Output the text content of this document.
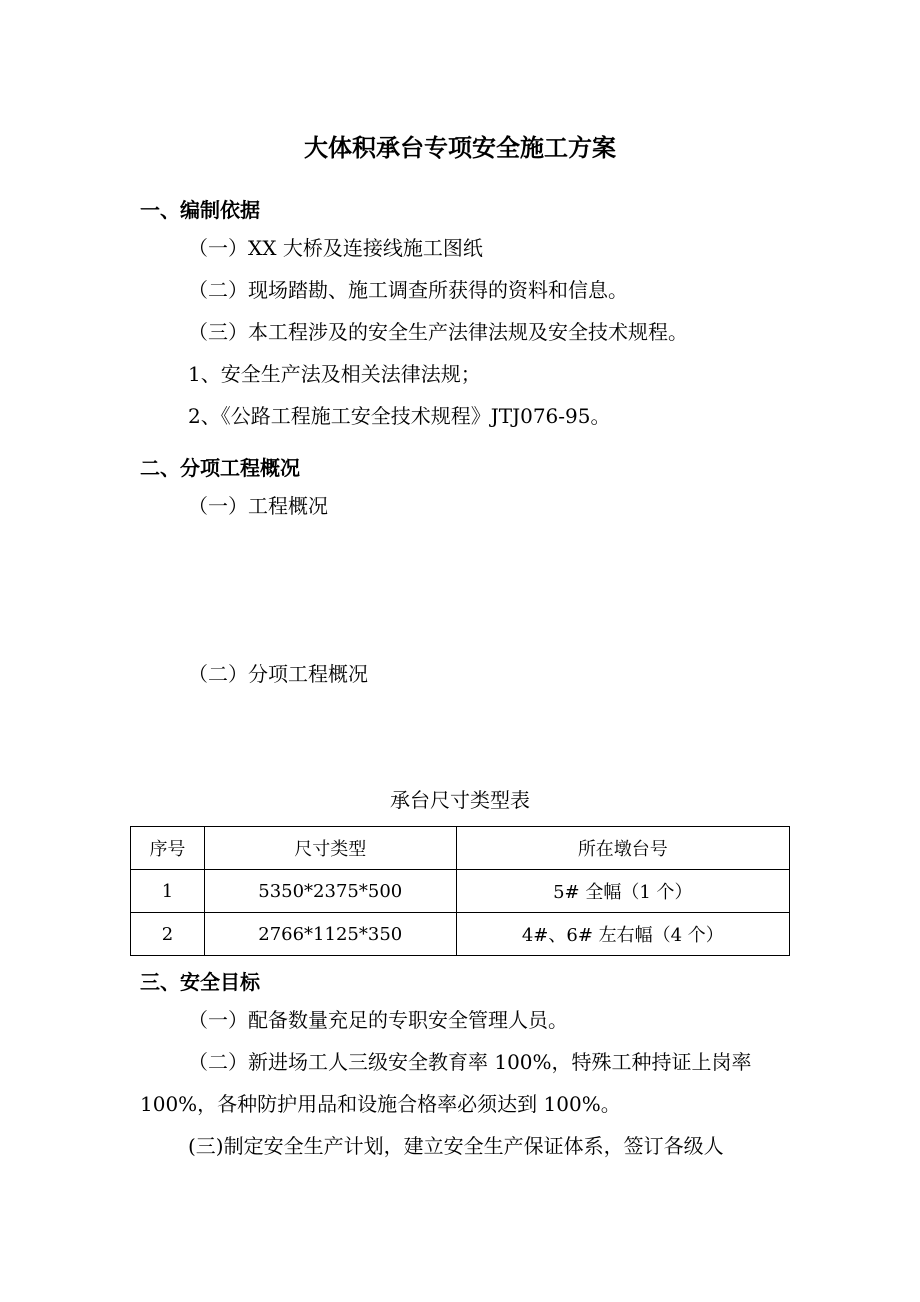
大体积承台专项安全施工方案
一、编制依据
（一）XX 大桥及连接线施工图纸
（二）现场踏勘、施工调查所获得的资料和信息。
（三）本工程涉及的安全生产法律法规及安全技术规程。
1、安全生产法及相关法律法规；
2、《公路工程施工安全技术规程》JTJ076-95。
二、分项工程概况
（一）工程概况
（二）分项工程概况
承台尺寸类型表
序号	尺寸类型	所在墩台号
1	5350*2375*500	5# 全幅（1 个）
2	2766*1125*350	4#、6# 左右幅（4 个）
三、安全目标
（一）配备数量充足的专职安全管理人员。
（二）新进场工人三级安全教育率 100%，特殊工种持证上岗率
100%，各种防护用品和设施合格率必须达到 100%。
(三)制定安全生产计划，建立安全生产保证体系，签订各级人
